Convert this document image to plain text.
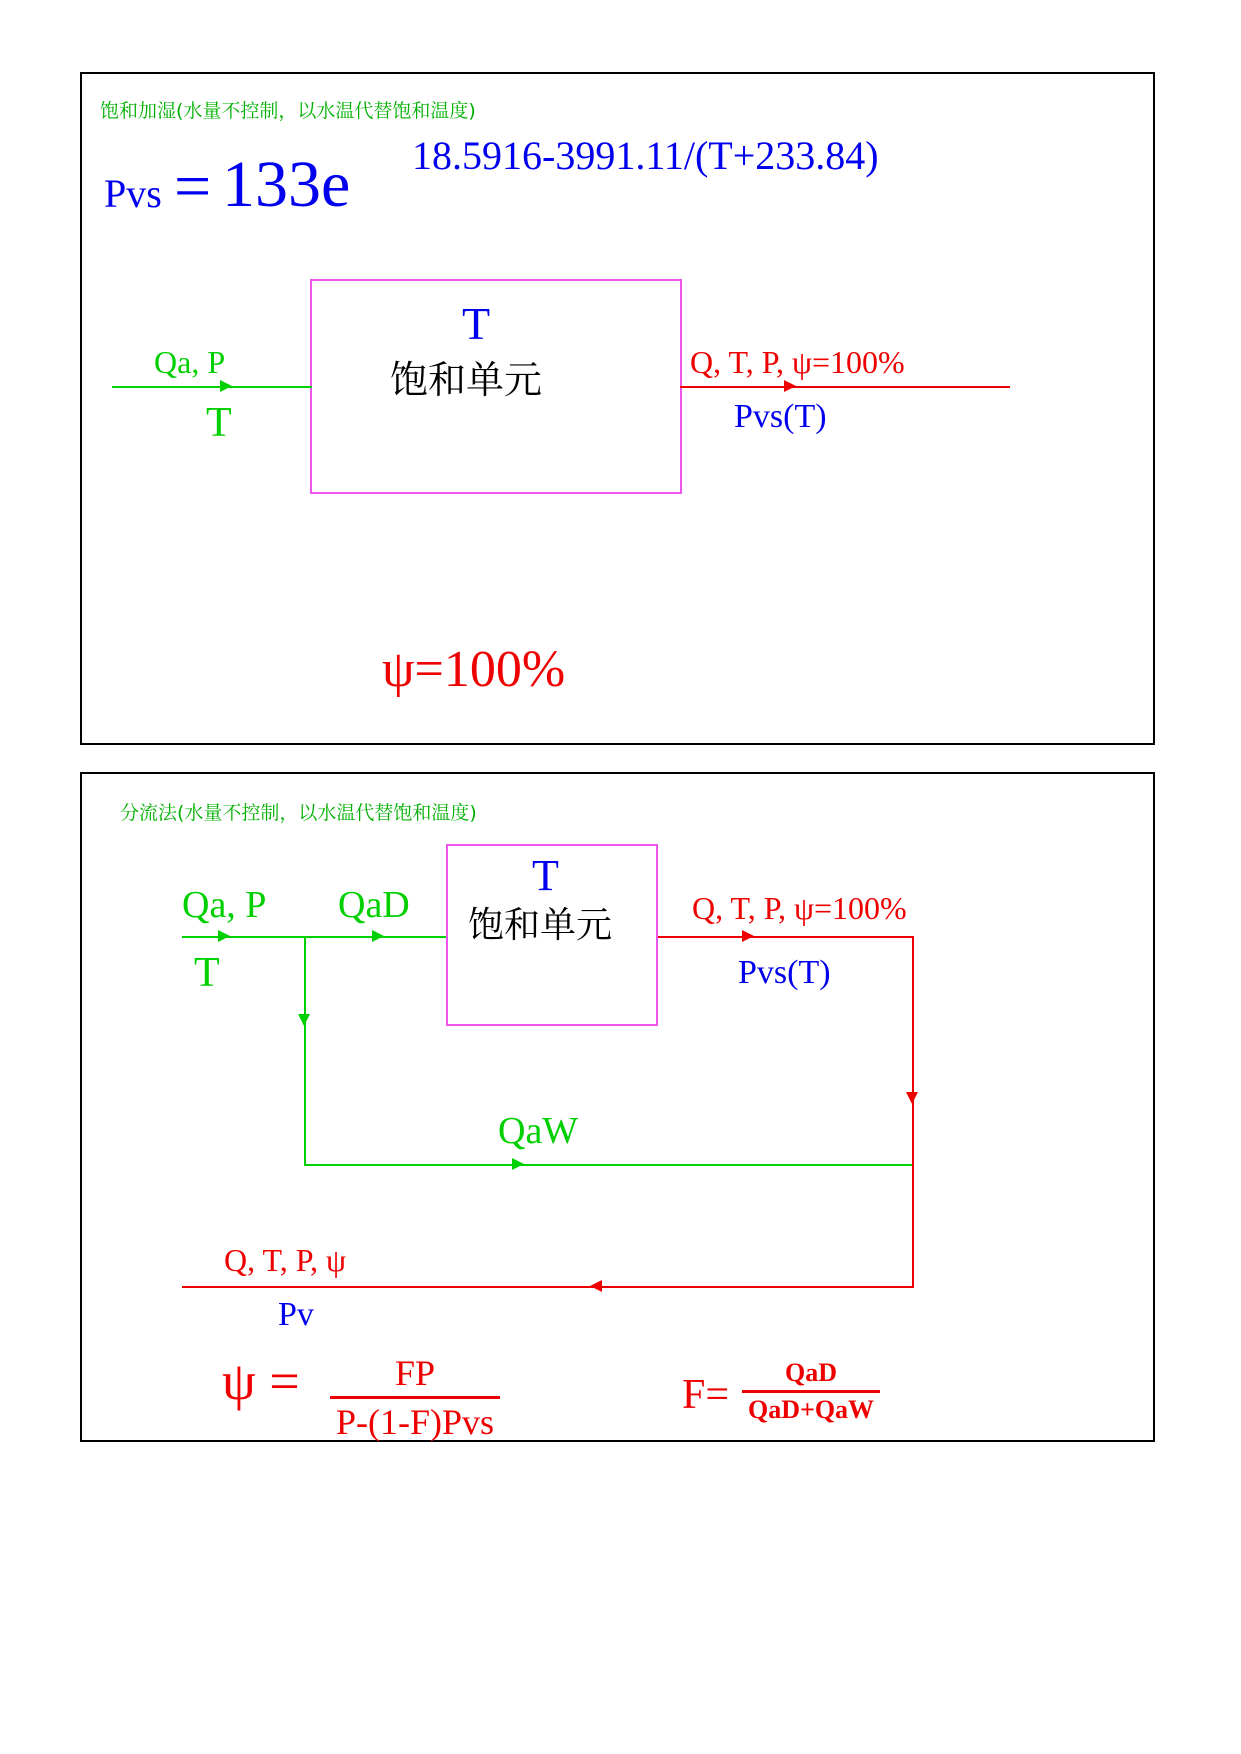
饱和加湿(水量不控制，以水温代替饱和温度)
Pvs = 133e 18.5916-3991.11/(T+233.84)
T
饱和单元
Qa, P
T
Q, T, P, ψ=100%
Pvs(T)
ψ=100%
分流法(水量不控制，以水温代替饱和温度)
T
饱和单元
Qa, P
T
QaD
QaW
Q, T, P, ψ=100%
Pvs(T)
Q, T, P, ψ
Pv
ψ =	FP
P-(1-F)Pvs
F=	QaD
QaD+QaW
